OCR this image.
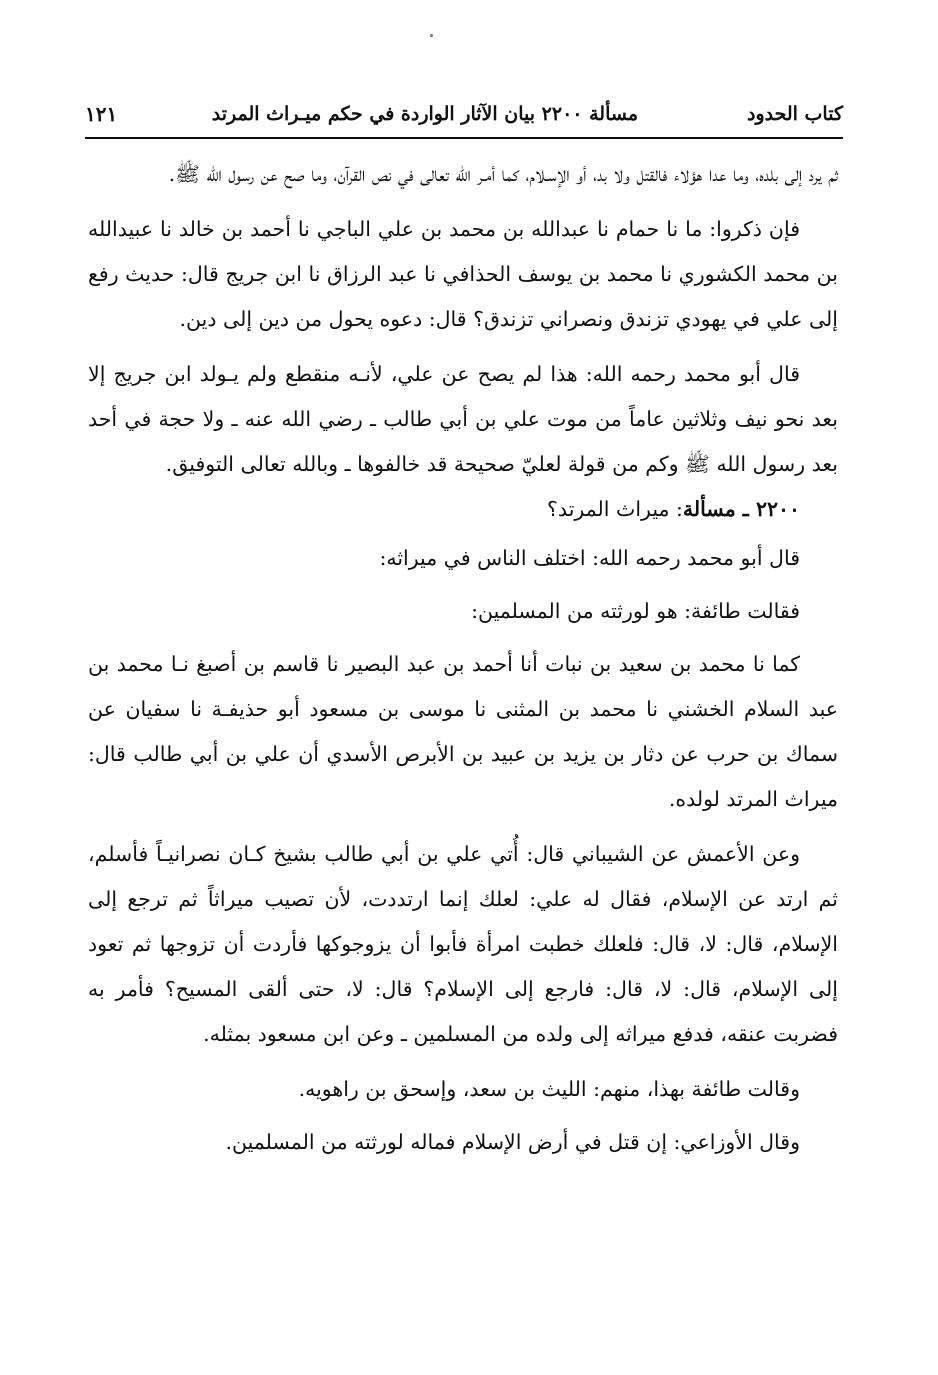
كتاب الحدود
مسألة ٢٢٠٠ بيان الآثار الواردة في حكم ميـراث المرتد
١٢١

ثم يرد إلى بلده، وما عدا هؤلاء فالقتل ولا بد، أو الإسـلام، كما أمـر الله تعالى في نص القرآن، وما صح عن رسول الله ﷺ.

فإن ذكروا: ما نا حمام نا عبدالله بن محمد بن علي الباجي نا أحمد بن خالد نا عبيدالله بن محمد الكشوري نا محمد بن يوسف الحذافي نا عبد الرزاق نا ابن جريج قال: حديث رفع إلى علي في يهودي تزندق ونصراني تزندق؟ قال: دعوه يحول من دين إلى دين.

قال أبو محمد رحمه الله: هذا لم يصح عن علي، لأنـه منقطع ولم يـولد ابن جريج إلا بعد نحو نيف وثلاثين عاماً من موت علي بن أبي طالب ـ رضي الله عنه ـ ولا حجة في أحد بعد رسول الله ﷺ وكم من قولة لعليّ صحيحة قد خالفوها ـ وبالله تعالى التوفيق.

٢٢٠٠ ـ مسألة: ميراث المرتد؟

قال أبو محمد رحمه الله: اختلف الناس في ميراثه:

فقالت طائفة: هو لورثته من المسلمين:

كما نا محمد بن سعيد بن نبات أنا أحمد بن عبد البصير نا قاسم بن أصبغ نـا محمد بن عبد السلام الخشني نا محمد بن المثنى نا موسى بن مسعود أبو حذيفـة نا سفيان عن سماك بن حرب عن دثار بن يزيد بن عبيد بن الأبرص الأسدي أن علي بن أبي طالب قال: ميراث المرتد لولده.

وعن الأعمش عن الشيباني قال: أُتي علي بن أبي طالب بشيخ كـان نصرانيـاً فأسلم، ثم ارتد عن الإسلام، فقال له علي: لعلك إنما ارتددت، لأن تصيب ميراثاً ثم ترجع إلى الإسلام، قال: لا، قال: فلعلك خطبت امرأة فأبوا أن يزوجوكها فأردت أن تزوجها ثم تعود إلى الإسلام، قال: لا، قال: فارجع إلى الإسلام؟ قال: لا، حتى ألقى المسيح؟ فأمر به فضربت عنقه، فدفع ميراثه إلى ولده من المسلمين ـ وعن ابن مسعود بمثله.

وقالت طائفة بهذا، منهم: الليث بن سعد، وإسحق بن راهويه.

وقال الأوزاعي: إن قتل في أرض الإسلام فماله لورثته من المسلمين.
